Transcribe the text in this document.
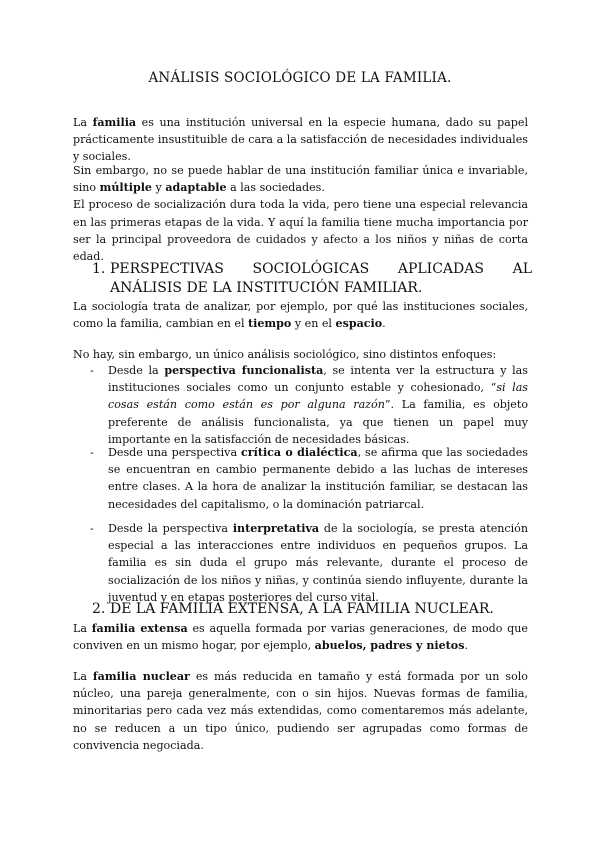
ANÁLISIS SOCIOLÓGICO DE LA FAMILIA.

La familia es una institución universal en la especie humana, dado su papel prácticamente insustituible de cara a la satisfacción de necesidades individuales y sociales.

Sin embargo, no se puede hablar de una institución familiar única e invariable, sino múltiple y adaptable a las sociedades.

El proceso de socialización dura toda la vida, pero tiene una especial relevancia en las primeras etapas de la vida. Y aquí la familia tiene mucha importancia por ser la principal proveedora de cuidados y afecto a los niños y niñas de corta edad.

1. PERSPECTIVAS SOCIOLÓGICAS APLICADAS AL ANÁLISIS DE LA INSTITUCIÓN FAMILIAR.

La sociología trata de analizar, por ejemplo, por qué las instituciones sociales, como la familia, cambian en el tiempo y en el espacio.

No hay, sin embargo, un único análisis sociológico, sino distintos enfoques:
- Desde la perspectiva funcionalista, se intenta ver la estructura y las instituciones sociales como un conjunto estable y cohesionado, “si las cosas están como están es por alguna razón”. La familia, es objeto preferente de análisis funcionalista, ya que tienen un papel muy importante en la satisfacción de necesidades básicas.
- Desde una perspectiva crítica o dialéctica, se afirma que las sociedades se encuentran en cambio permanente debido a las luchas de intereses entre clases. A la hora de analizar la institución familiar, se destacan las necesidades del capitalismo, o la dominación patriarcal.
- Desde la perspectiva interpretativa de la sociología, se presta atención especial a las interacciones entre individuos en pequeños grupos. La familia es sin duda el grupo más relevante, durante el proceso de socialización de los niños y niñas, y continúa siendo influyente, durante la juventud y en etapas posteriores del curso vital.
2. DE LA FAMILIA EXTENSA, A LA FAMILIA NUCLEAR.

La familia extensa es aquella formada por varias generaciones, de modo que conviven en un mismo hogar, por ejemplo, abuelos, padres y nietos.

La familia nuclear es más reducida en tamaño y está formada por un solo núcleo, una pareja generalmente, con o sin hijos. Nuevas formas de familia, minoritarias pero cada vez más extendidas, como comentaremos más adelante, no se reducen a un tipo único, pudiendo ser agrupadas como formas de convivencia negociada.
